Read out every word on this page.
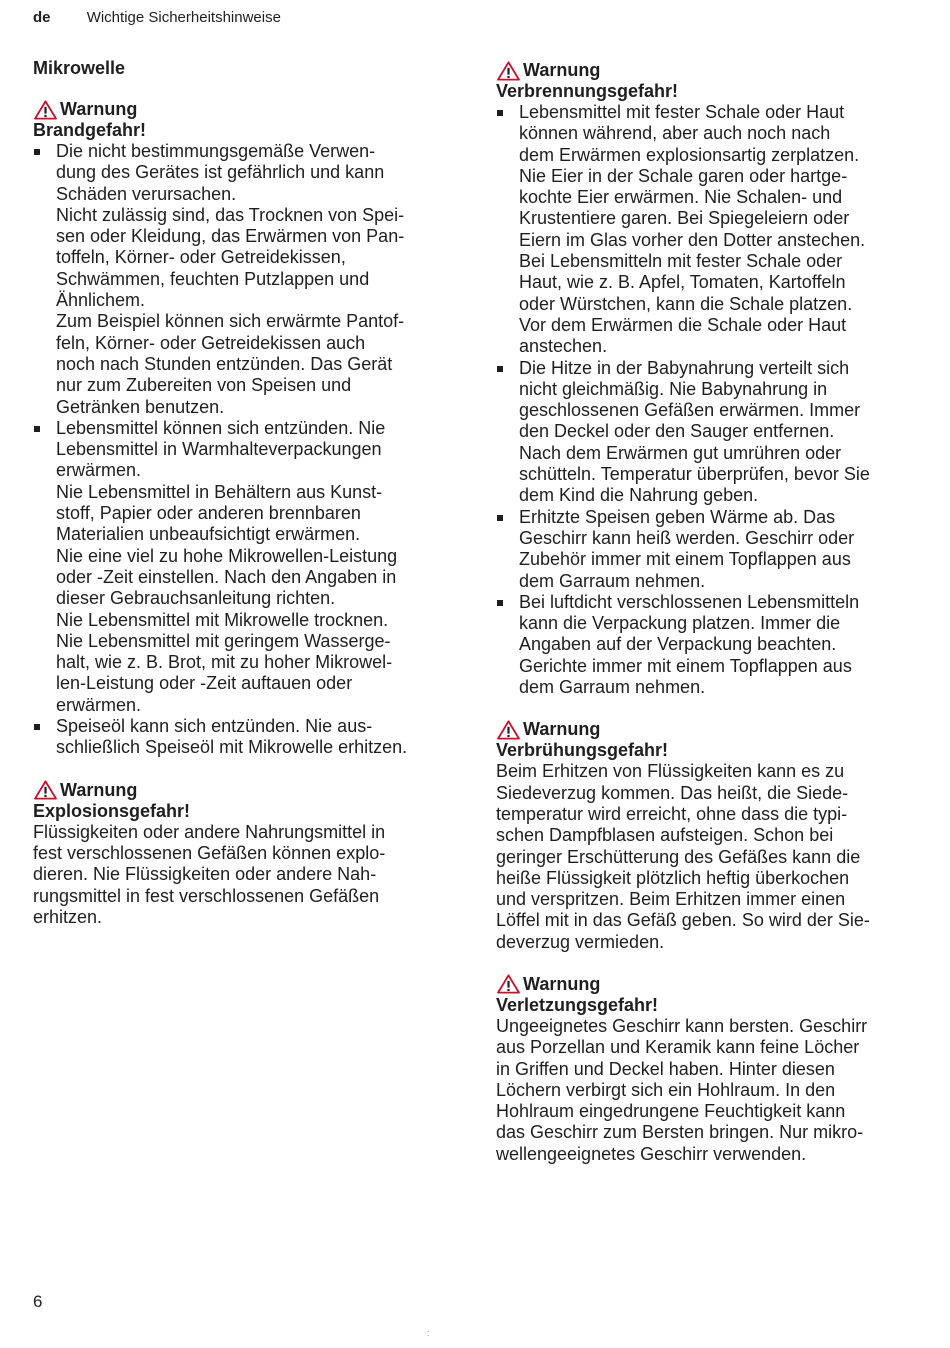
de Wichtige Sicherheitshinweise
Mikrowelle
Warnung
Brandgefahr!

Die nicht bestimmungsgemäße Verwen-
dung des Gerätes ist gefährlich und kann
Schäden verursachen.
Nicht zulässig sind, das Trocknen von Spei-
sen oder Kleidung, das Erwärmen von Pan-
toffeln, Körner- oder Getreidekissen,
Schwämmen, feuchten Putzlappen und
Ähnlichem.
Zum Beispiel können sich erwärmte Pantof-
feln, Körner- oder Getreidekissen auch
noch nach Stunden entzünden. Das Gerät
nur zum Zubereiten von Speisen und
Getränken benutzen.

Lebensmittel können sich entzünden. Nie
Lebensmittel in Warmhalteverpackungen
erwärmen.
Nie Lebensmittel in Behältern aus Kunst-
stoff, Papier oder anderen brennbaren
Materialien unbeaufsichtigt erwärmen.
Nie eine viel zu hohe Mikrowellen-Leistung
oder -Zeit einstellen. Nach den Angaben in
dieser Gebrauchsanleitung richten.
Nie Lebensmittel mit Mikrowelle trocknen.
Nie Lebensmittel mit geringem Wasserge-
halt, wie z. B. Brot, mit zu hoher Mikrowel-
len-Leistung oder -Zeit auftauen oder
erwärmen.

Speiseöl kann sich entzünden. Nie aus-
schließlich Speiseöl mit Mikrowelle erhitzen.

Warnung
Explosionsgefahr!

Flüssigkeiten oder andere Nahrungsmittel in
fest verschlossenen Gefäßen können explo-
dieren. Nie Flüssigkeiten oder andere Nah-
rungsmittel in fest verschlossenen Gefäßen
erhitzen.

Warnung
Verbrennungsgefahr!

Lebensmittel mit fester Schale oder Haut
können während, aber auch noch nach
dem Erwärmen explosionsartig zerplatzen.
Nie Eier in der Schale garen oder hartge-
kochte Eier erwärmen. Nie Schalen- und
Krustentiere garen. Bei Spiegeleiern oder
Eiern im Glas vorher den Dotter anstechen.
Bei Lebensmitteln mit fester Schale oder
Haut, wie z. B. Apfel, Tomaten, Kartoffeln
oder Würstchen, kann die Schale platzen.
Vor dem Erwärmen die Schale oder Haut
anstechen.

Die Hitze in der Babynahrung verteilt sich
nicht gleichmäßig. Nie Babynahrung in
geschlossenen Gefäßen erwärmen. Immer
den Deckel oder den Sauger entfernen.
Nach dem Erwärmen gut umrühren oder
schütteln. Temperatur überprüfen, bevor Sie
dem Kind die Nahrung geben.

Erhitzte Speisen geben Wärme ab. Das
Geschirr kann heiß werden. Geschirr oder
Zubehör immer mit einem Topflappen aus
dem Garraum nehmen.

Bei luftdicht verschlossenen Lebensmitteln
kann die Verpackung platzen. Immer die
Angaben auf der Verpackung beachten.
Gerichte immer mit einem Topflappen aus
dem Garraum nehmen.

Warnung
Verbrühungsgefahr!

Beim Erhitzen von Flüssigkeiten kann es zu
Siedeverzug kommen. Das heißt, die Siede-
temperatur wird erreicht, ohne dass die typi-
schen Dampfblasen aufsteigen. Schon bei
geringer Erschütterung des Gefäßes kann die
heiße Flüssigkeit plötzlich heftig überkochen
und verspritzen. Beim Erhitzen immer einen
Löffel mit in das Gefäß geben. So wird der Sie-
deverzug vermieden.

Warnung
Verletzungsgefahr!

Ungeeignetes Geschirr kann bersten. Geschirr
aus Porzellan und Keramik kann feine Löcher
in Griffen und Deckel haben. Hinter diesen
Löchern verbirgt sich ein Hohlraum. In den
Hohlraum eingedrungene Feuchtigkeit kann
das Geschirr zum Bersten bringen. Nur mikro-
wellengeeignetes Geschirr verwenden.

6
:
